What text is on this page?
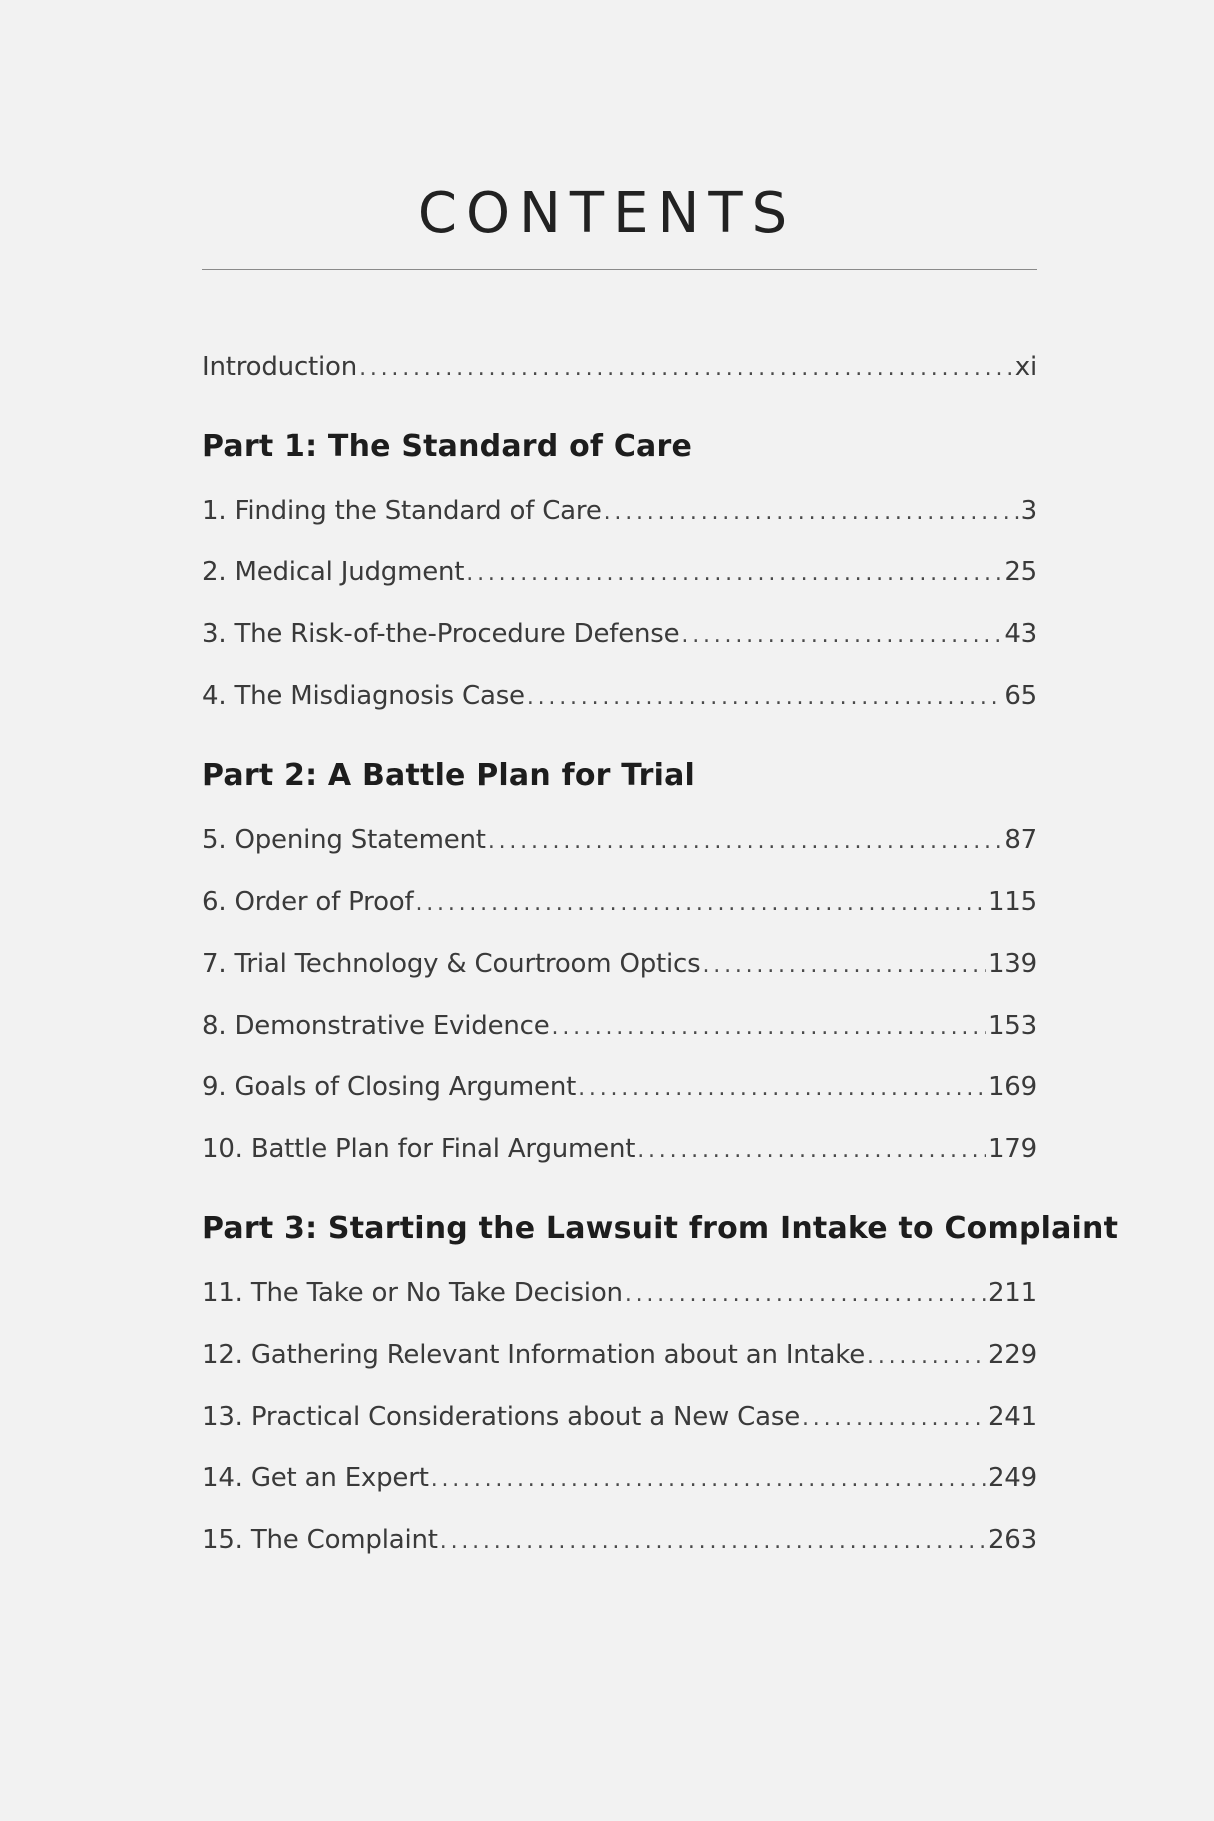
CONTENTS
Introduction . . .	xi
Part 1: The Standard of Care
1. Finding the Standard of Care . . .	3
2. Medical Judgment . . .	25
3. The Risk-of-the-Procedure Defense . . .	43
4. The Misdiagnosis Case . . .	65
Part 2: A Battle Plan for Trial
5. Opening Statement . . .	87
6. Order of Proof . . .	115
7. Trial Technology & Courtroom Optics . . .	139
8. Demonstrative Evidence . . .	153
9. Goals of Closing Argument . . .	169
10. Battle Plan for Final Argument . . .	179
Part 3: Starting the Lawsuit from Intake to Complaint
11. The Take or No Take Decision . . .	211
12. Gathering Relevant Information about an Intake . . .	229
13. Practical Considerations about a New Case . . .	241
14. Get an Expert . . .	249
15. The Complaint . . .	263
